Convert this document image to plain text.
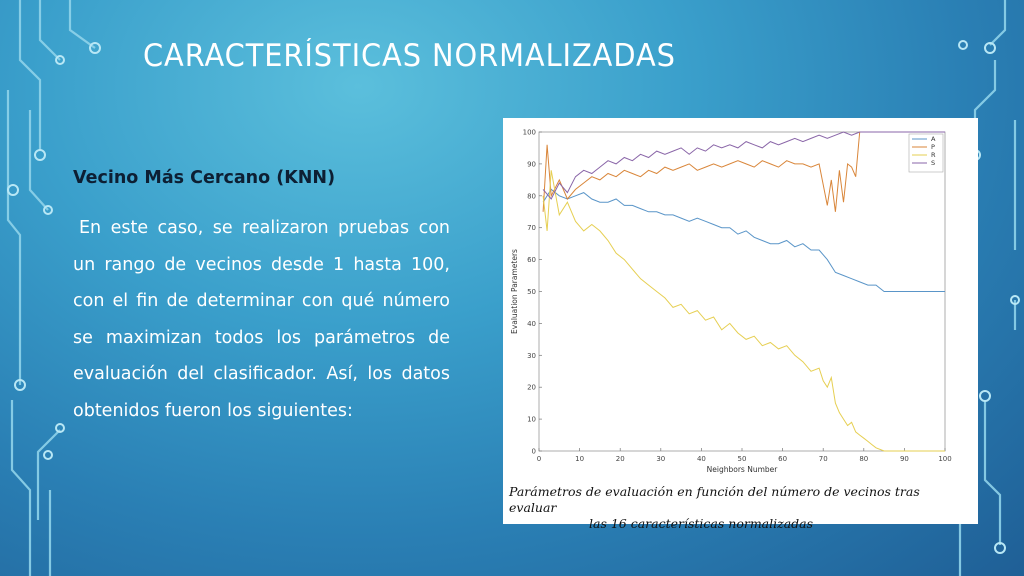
CARACTERÍSTICAS NORMALIZADAS
Vecino Más Cercano (KNN)
En este caso, se realizaron pruebas con un rango de vecinos desde 1 hasta 100, con el fin de determinar con qué número se maximizan todos los parámetros de evaluación del clasificador. Así, los datos obtenidos fueron los siguientes:
0	10	20	30	40	50	60	70	80	90	100
0
10
20
30
40
50
60
70
80
90
100
Neighbors Number
Evaluation Parameters
A
P
R
S
Parámetros de evaluación en función del número de vecinos tras evaluar
las 16 características normalizadas
